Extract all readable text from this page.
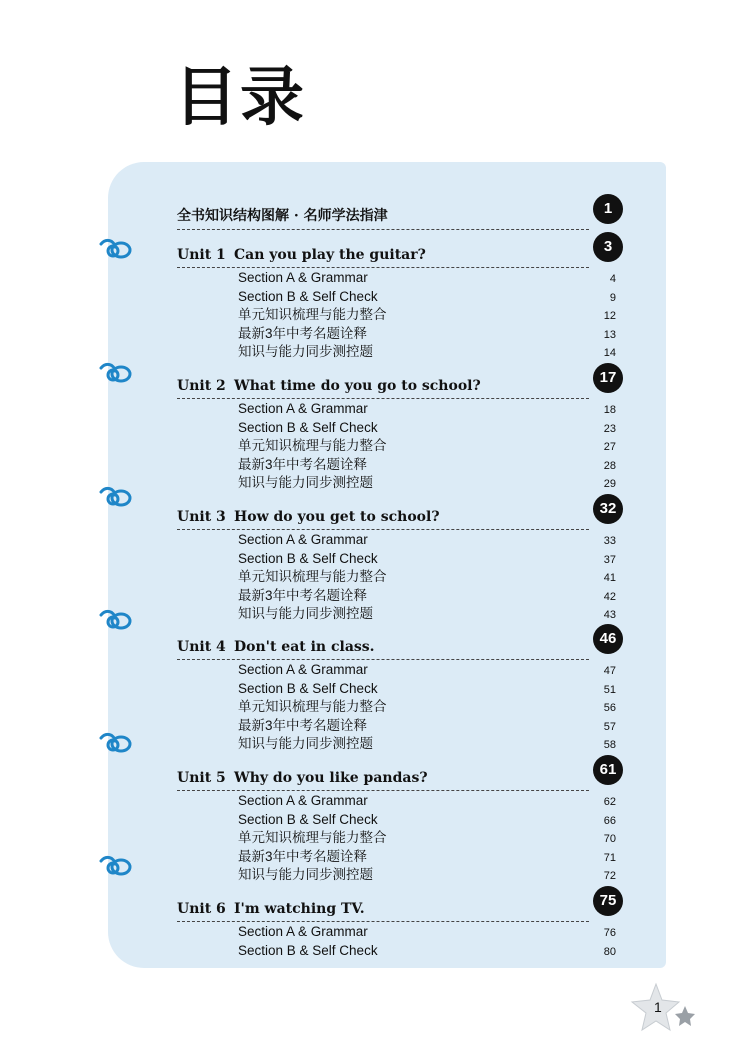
目录
全书知识结构图解 · 名师学法指津	1
Unit 1 Can you play the guitar?	3
Section A & Grammar	4
Section B & Self Check	9
单元知识梳理与能力整合	12
最新3年中考名题诠释	13
知识与能力同步测控题	14
Unit 2 What time do you go to school?	17
Section A & Grammar	18
Section B & Self Check	23
单元知识梳理与能力整合	27
最新3年中考名题诠释	28
知识与能力同步测控题	29
Unit 3 How do you get to school?	32
Section A & Grammar	33
Section B & Self Check	37
单元知识梳理与能力整合	41
最新3年中考名题诠释	42
知识与能力同步测控题	43
Unit 4 Don't eat in class.	46
Section A & Grammar	47
Section B & Self Check	51
单元知识梳理与能力整合	56
最新3年中考名题诠释	57
知识与能力同步测控题	58
Unit 5 Why do you like pandas?	61
Section A & Grammar	62
Section B & Self Check	66
单元知识梳理与能力整合	70
最新3年中考名题诠释	71
知识与能力同步测控题	72
Unit 6 I'm watching TV.	75
Section A & Grammar	76
Section B & Self Check	80
1
